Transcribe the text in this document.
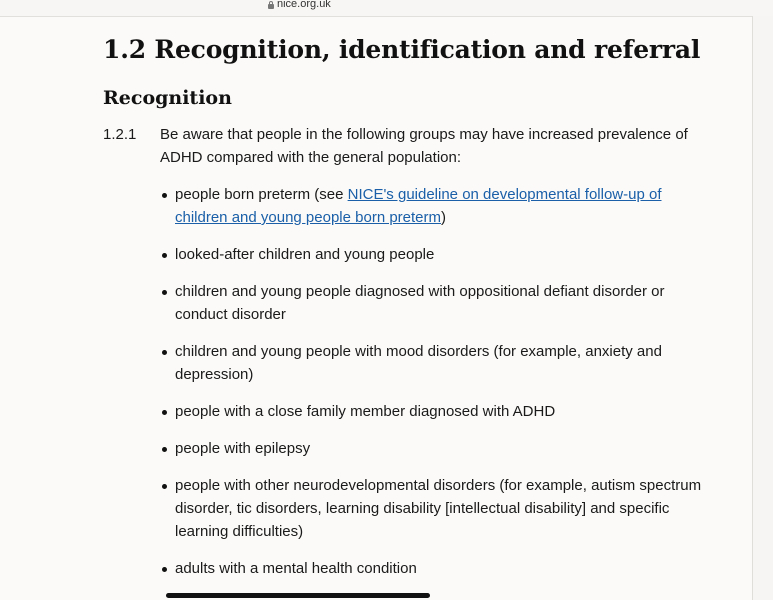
nice.org.uk
1.2 Recognition, identification and referral
Recognition
1.2.1	Be aware that people in the following groups may have increased prevalence of ADHD compared with the general population:
people born preterm (see NICE's guideline on developmental follow-up of children and young people born preterm)
looked-after children and young people
children and young people diagnosed with oppositional defiant disorder or conduct disorder
children and young people with mood disorders (for example, anxiety and depression)
people with a close family member diagnosed with ADHD
people with epilepsy
people with other neurodevelopmental disorders (for example, autism spectrum disorder, tic disorders, learning disability [intellectual disability] and specific learning difficulties)
adults with a mental health condition
